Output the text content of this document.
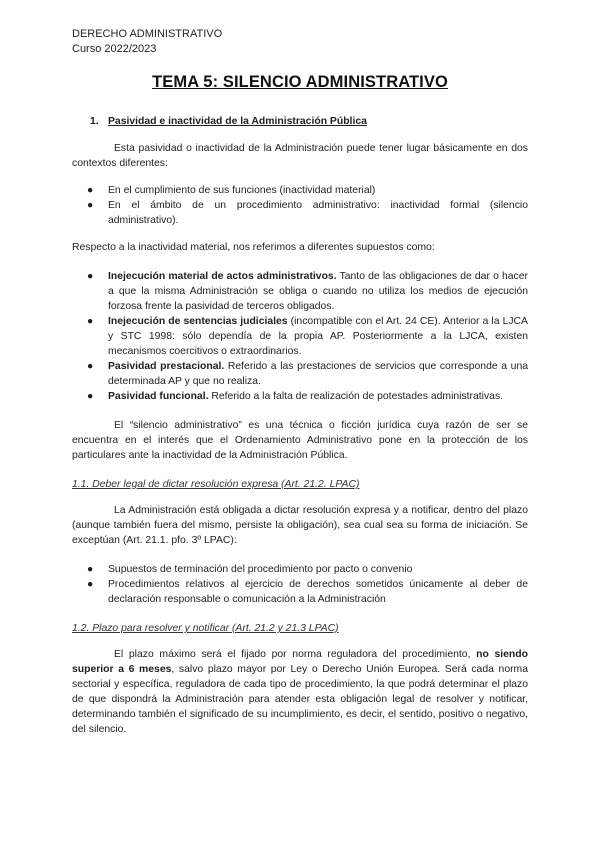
DERECHO ADMINISTRATIVO
Curso 2022/2023
TEMA 5: SILENCIO ADMINISTRATIVO
1. Pasividad e inactividad de la Administración Pública

Esta pasividad o inactividad de la Administración puede tener lugar básicamente en dos contextos diferentes:

● En el cumplimiento de sus funciones (inactividad material)
● En el ámbito de un procedimiento administrativo: inactividad formal (silencio administrativo).

Respecto a la inactividad material, nos referimos a diferentes supuestos como:

● Inejecución material de actos administrativos. Tanto de las obligaciones de dar o hacer a que la misma Administración se obliga o cuando no utiliza los medios de ejecución forzosa frente la pasividad de terceros obligados.
● Inejecución de sentencias judiciales (incompatible con el Art. 24 CE). Anterior a la LJCA y STC 1998: sólo dependía de la propia AP. Posteriormente a la LJCA, existen mecanismos coercitivos o extraordinarios.
● Pasividad prestacional. Referido a las prestaciones de servicios que corresponde a una determinada AP y que no realiza.
● Pasividad funcional. Referido a la falta de realización de potestades administrativas.

El “silencio administrativo” es una técnica o ficción jurídica cuya razón de ser se encuentra en el interés que el Ordenamiento Administrativo pone en la protección de los particulares ante la inactividad de la Administración Pública.

1.1. Deber legal de dictar resolución expresa (Art. 21.2. LPAC)

La Administración está obligada a dictar resolución expresa y a notificar, dentro del plazo (aunque también fuera del mismo, persiste la obligación), sea cual sea su forma de iniciación. Se exceptúan (Art. 21.1. pfo. 3º LPAC):

● Supuestos de terminación del procedimiento por pacto o convenio
● Procedimientos relativos al ejercicio de derechos sometidos únicamente al deber de declaración responsable o comunicación a la Administración
1.2. Plazo para resolver y notificar (Art. 21.2 y 21.3 LPAC)

El plazo máximo será el fijado por norma reguladora del procedimiento, no siendo superior a 6 meses, salvo plazo mayor por Ley o Derecho Unión Europea. Será cada norma sectorial y específica, reguladora de cada tipo de procedimiento, la que podrá determinar el plazo de que dispondrá la Administración para atender esta obligación legal de resolver y notificar, determinando también el significado de su incumplimiento, es decir, el sentido, positivo o negativo, del silencio.
